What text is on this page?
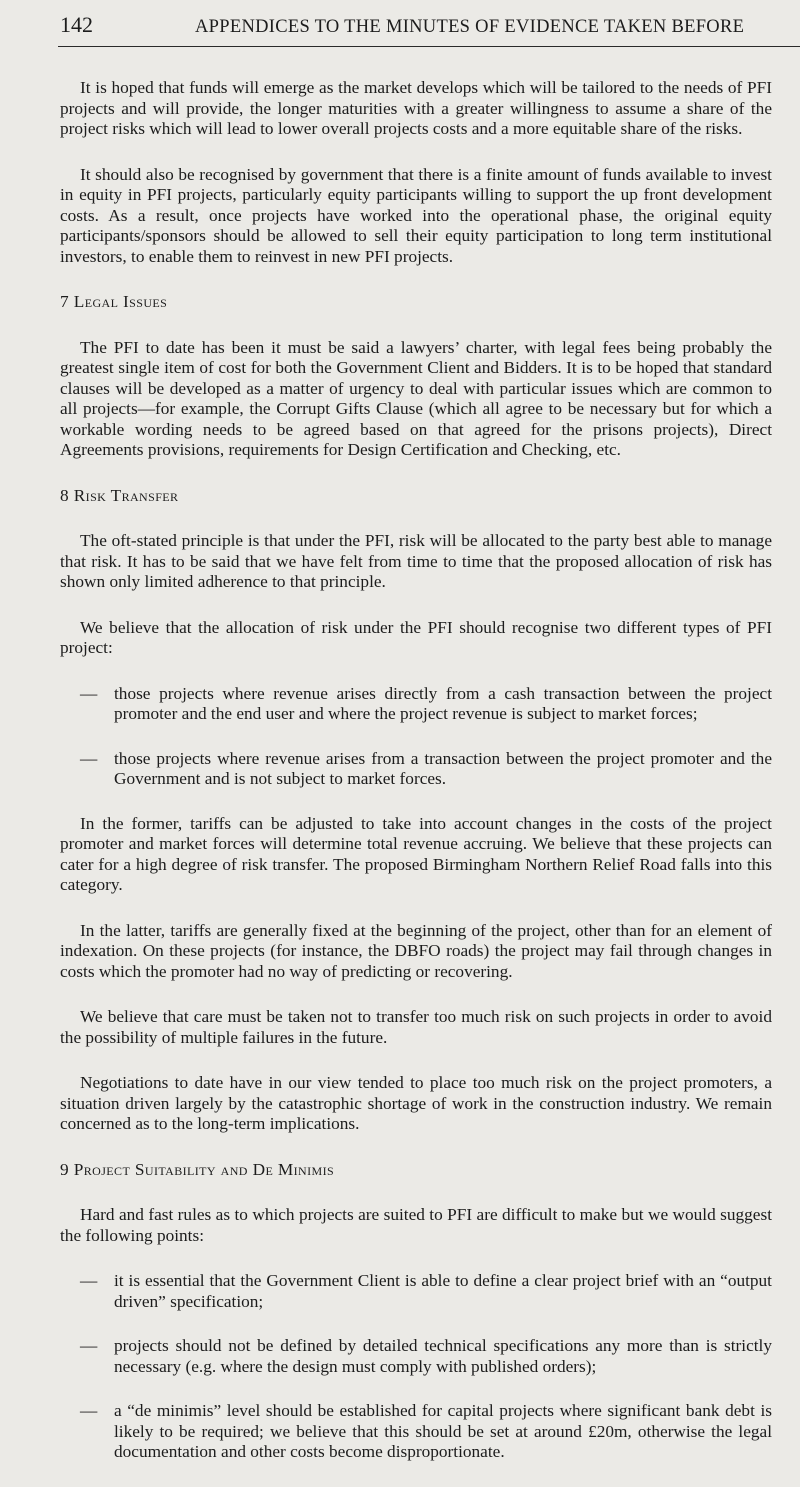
142	APPENDICES TO THE MINUTES OF EVIDENCE TAKEN BEFORE

It is hoped that funds will emerge as the market develops which will be tailored to the needs of PFI projects and will provide, the longer maturities with a greater willingness to assume a share of the project risks which will lead to lower overall projects costs and a more equitable share of the risks.

It should also be recognised by government that there is a finite amount of funds available to invest in equity in PFI projects, particularly equity participants willing to support the up front development costs. As a result, once projects have worked into the operational phase, the original equity participants/sponsors should be allowed to sell their equity participation to long term institutional investors, to enable them to reinvest in new PFI projects.

7 Legal Issues

The PFI to date has been it must be said a lawyers’ charter, with legal fees being probably the greatest single item of cost for both the Government Client and Bidders. It is to be hoped that standard clauses will be developed as a matter of urgency to deal with particular issues which are common to all projects—for example, the Corrupt Gifts Clause (which all agree to be necessary but for which a workable wording needs to be agreed based on that agreed for the prisons projects), Direct Agreements provisions, requirements for Design Certification and Checking, etc.

8 Risk Transfer

The oft-stated principle is that under the PFI, risk will be allocated to the party best able to manage that risk. It has to be said that we have felt from time to time that the proposed allocation of risk has shown only limited adherence to that principle.

We believe that the allocation of risk under the PFI should recognise two different types of PFI project:

— those projects where revenue arises directly from a cash transaction between the project promoter and the end user and where the project revenue is subject to market forces;
— those projects where revenue arises from a transaction between the project promoter and the Government and is not subject to market forces.

In the former, tariffs can be adjusted to take into account changes in the costs of the project promoter and market forces will determine total revenue accruing. We believe that these projects can cater for a high degree of risk transfer. The proposed Birmingham Northern Relief Road falls into this category.

In the latter, tariffs are generally fixed at the beginning of the project, other than for an element of indexation. On these projects (for instance, the DBFO roads) the project may fail through changes in costs which the promoter had no way of predicting or recovering.

We believe that care must be taken not to transfer too much risk on such projects in order to avoid the possibility of multiple failures in the future.

Negotiations to date have in our view tended to place too much risk on the project promoters, a situation driven largely by the catastrophic shortage of work in the construction industry. We remain concerned as to the long-term implications.

9 Project Suitability and De Minimis

Hard and fast rules as to which projects are suited to PFI are difficult to make but we would suggest the following points:

— it is essential that the Government Client is able to define a clear project brief with an “output driven” specification;
— projects should not be defined by detailed technical specifications any more than is strictly necessary (e.g. where the design must comply with published orders);
— a “de minimis” level should be established for capital projects where significant bank debt is likely to be required; we believe that this should be set at around £20m, otherwise the legal documentation and other costs become disproportionate.
